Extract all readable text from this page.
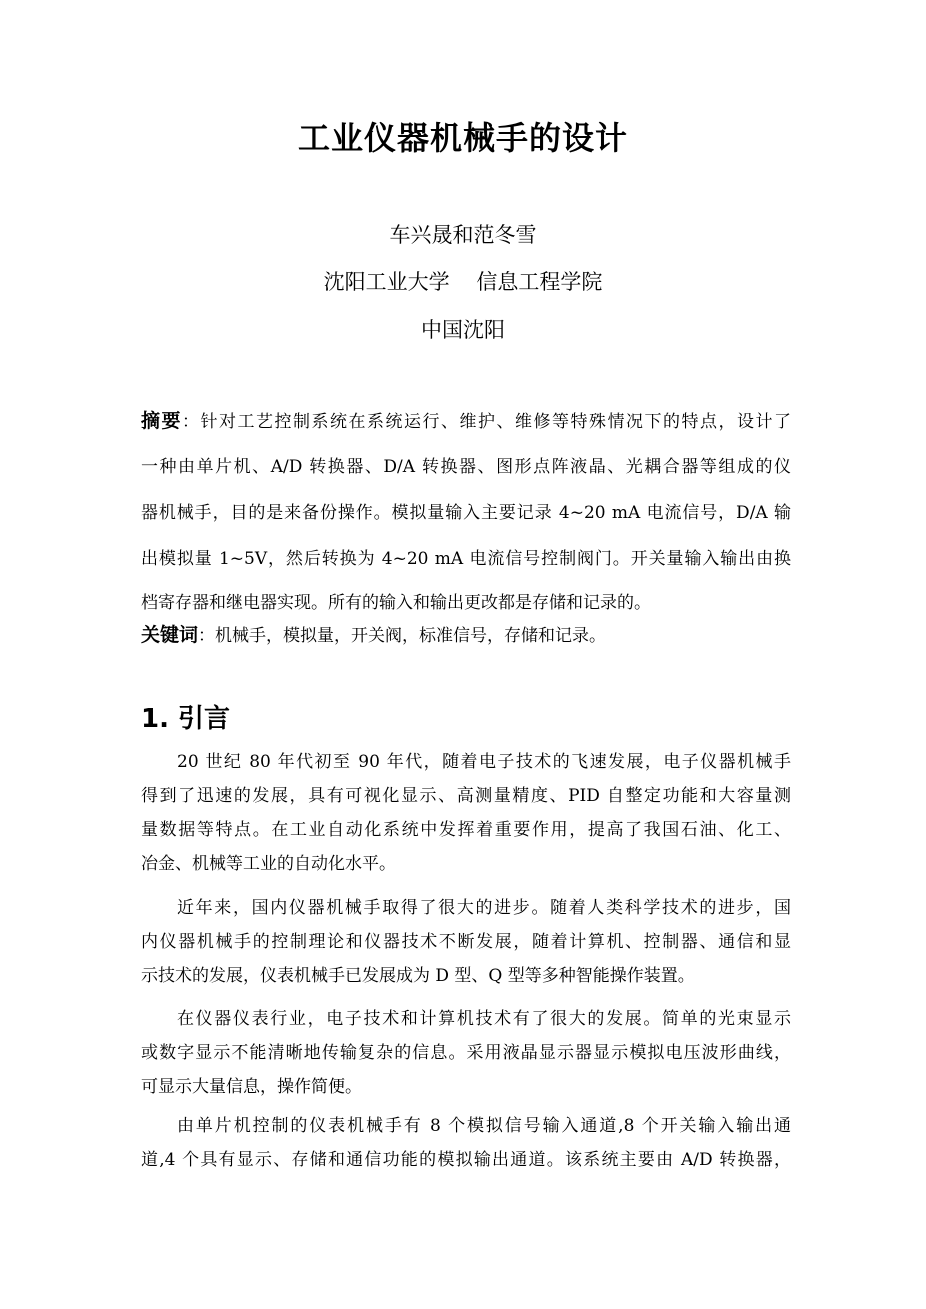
工业仪器机械手的设计

车兴晟和范冬雪

沈阳工业大学    信息工程学院

中国沈阳

摘要：针对工艺控制系统在系统运行、维护、维修等特殊情况下的特点，设计了
一种由单片机、A/D 转换器、D/A 转换器、图形点阵液晶、光耦合器等组成的仪
器机械手，目的是来备份操作。模拟量输入主要记录 4~20 mA 电流信号，D/A 输
出模拟量 1~5V，然后转换为 4~20 mA 电流信号控制阀门。开关量输入输出由换
档寄存器和继电器实现。所有的输入和输出更改都是存储和记录的。

关键词：机械手，模拟量，开关阀，标准信号，存储和记录。

1. 引言
20 世纪 80 年代初至 90 年代，随着电子技术的飞速发展，电子仪器机械手
得到了迅速的发展，具有可视化显示、高测量精度、PID 自整定功能和大容量测
量数据等特点。在工业自动化系统中发挥着重要作用，提高了我国石油、化工、
冶金、机械等工业的自动化水平。
近年来，国内仪器机械手取得了很大的进步。随着人类科学技术的进步，国
内仪器机械手的控制理论和仪器技术不断发展，随着计算机、控制器、通信和显
示技术的发展，仪表机械手已发展成为 D 型、Q 型等多种智能操作装置。
在仪器仪表行业，电子技术和计算机技术有了很大的发展。简单的光束显示
或数字显示不能清晰地传输复杂的信息。采用液晶显示器显示模拟电压波形曲线，
可显示大量信息，操作简便。
由单片机控制的仪表机械手有 8 个模拟信号输入通道,8 个开关输入输出通
道,4 个具有显示、存储和通信功能的模拟输出通道。该系统主要由 A/D 转换器，
